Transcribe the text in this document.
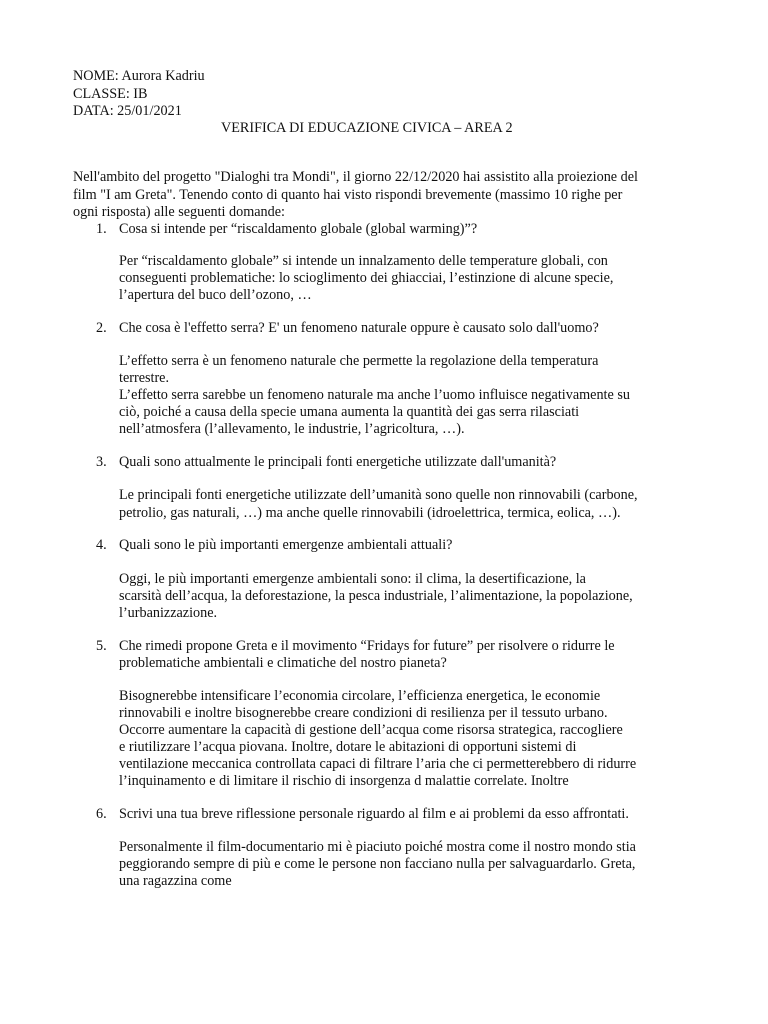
NOME: Aurora Kadriu

CLASSE: IB

DATA: 25/01/2021

VERIFICA DI EDUCAZIONE CIVICA – AREA 2

Nell'ambito del progetto "Dialoghi tra Mondi", il giorno 22/12/2020 hai assistito alla proiezione del

film "I am Greta". Tenendo conto di quanto hai visto rispondi brevemente (massimo 10 righe per

ogni risposta) alle seguenti domande:

1. Cosa si intende per “riscaldamento globale (global warming)”?

Per “riscaldamento globale” si intende un innalzamento delle temperature globali, con

conseguenti problematiche: lo scioglimento dei ghiacciai, l’estinzione di alcune specie,

l’apertura del buco dell’ozono, …

2. Che cosa è l'effetto serra? E' un fenomeno naturale oppure è causato solo dall'uomo?

L’effetto serra è un fenomeno naturale che permette la regolazione della temperatura

terrestre.

L’effetto serra sarebbe un fenomeno naturale ma anche l’uomo influisce negativamente su

ciò, poiché a causa della specie umana aumenta la quantità dei gas serra rilasciati

nell’atmosfera (l’allevamento, le industrie, l’agricoltura, …).

3. Quali sono attualmente le principali fonti energetiche utilizzate dall'umanità?

Le principali fonti energetiche utilizzate dell’umanità sono quelle non rinnovabili (carbone,

petrolio, gas naturali, …) ma anche quelle rinnovabili (idroelettrica, termica, eolica, …).

4. Quali sono le più importanti emergenze ambientali attuali?

Oggi, le più importanti emergenze ambientali sono: il clima, la desertificazione, la

scarsità dell’acqua, la deforestazione, la pesca industriale, l’alimentazione, la popolazione,

l’urbanizzazione.

5. Che rimedi propone Greta e il movimento “Fridays for future” per risolvere o ridurre le

problematiche ambientali e climatiche del nostro pianeta?

Bisognerebbe intensificare l’economia circolare, l’efficienza energetica, le economie

rinnovabili e inoltre bisognerebbe creare condizioni di resilienza per il tessuto urbano.

Occorre aumentare la capacità di gestione dell’acqua come risorsa strategica, raccogliere

e riutilizzare l’acqua piovana. Inoltre, dotare le abitazioni di opportuni sistemi di

ventilazione meccanica controllata capaci di filtrare l’aria che ci permetterebbero di ridurre

l’inquinamento e di limitare il rischio di insorgenza d malattie correlate. Inoltre

6. Scrivi una tua breve riflessione personale riguardo al film e ai problemi da esso affrontati.

Personalmente il film-documentario mi è piaciuto poiché mostra come il nostro mondo stia

peggiorando sempre di più e come le persone non facciano nulla per salvaguardarlo. Greta,

una ragazzina come
